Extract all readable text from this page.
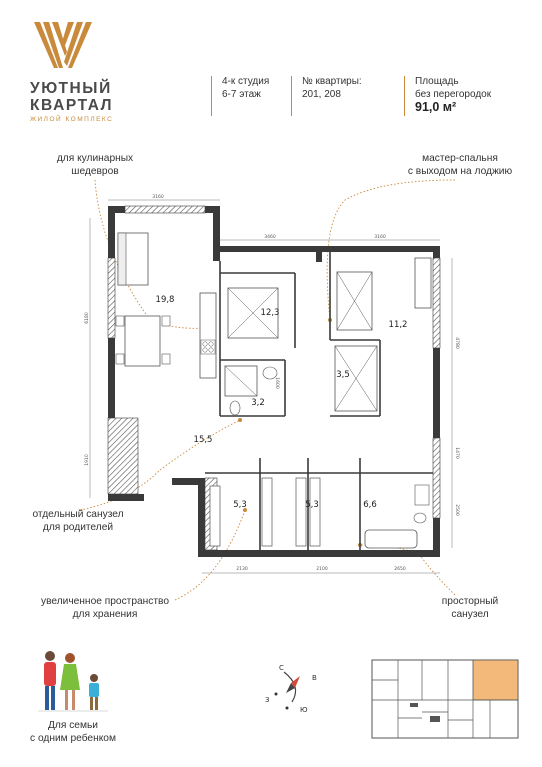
УЮТНЫЙ
КВАРТАЛ
ЖИЛОЙ КОМПЛЕКС
4-к студия
6-7 этаж
№ квартиры:
201, 208
Площадь
без перегородок
91,0 м²
для кулинарных
шедевров
мастер-спальня
с выходом на лоджию
отдельный санузел
для родителей
увеличенное пространство
для хранения
просторный
санузел
Для семьи
с одним ребенком
3160
3460	3160
6180
1910
4780
1470
2500
1600
2130	2100	2650
19,8
12,3
11,2
3,2
3,5
15,5
5,3	5,3	6,6
С
В
Ю
З
